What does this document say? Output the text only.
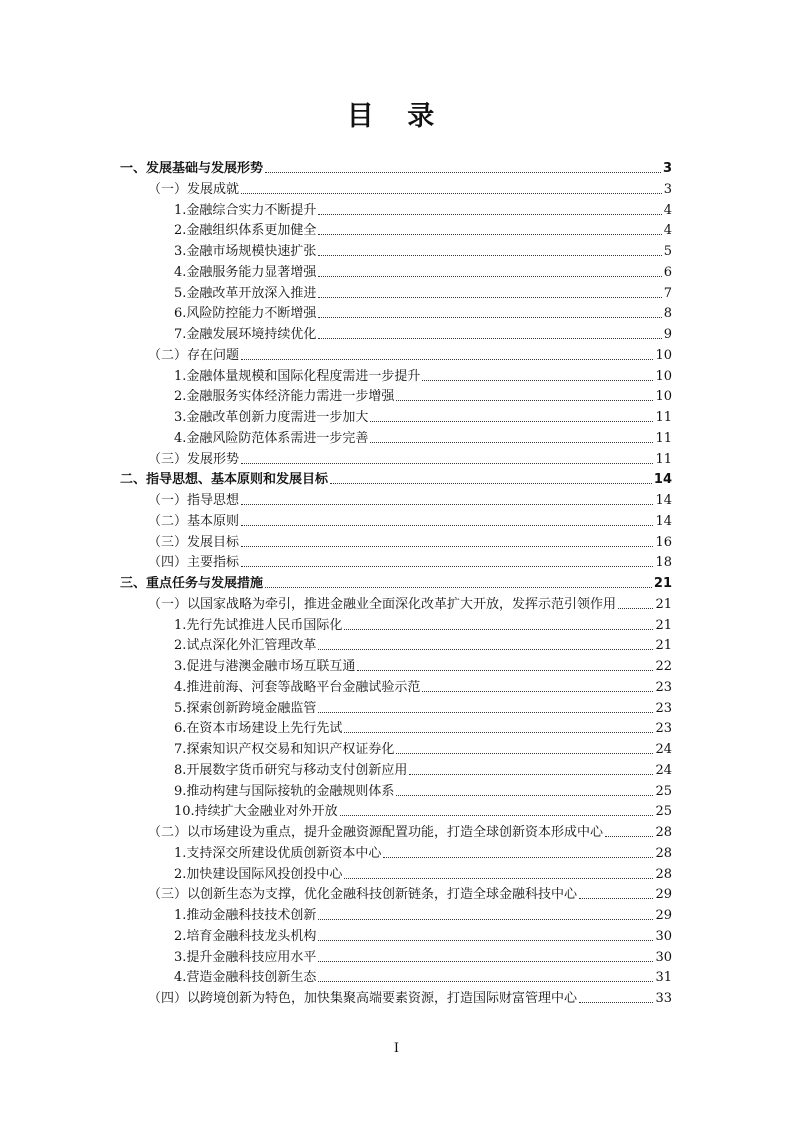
目 录
一、发展基础与发展形势	3
（一）发展成就	3
1.金融综合实力不断提升	4
2.金融组织体系更加健全	4
3.金融市场规模快速扩张	5
4.金融服务能力显著增强	6
5.金融改革开放深入推进	7
6.风险防控能力不断增强	8
7.金融发展环境持续优化	9
（二）存在问题	10
1.金融体量规模和国际化程度需进一步提升	10
2.金融服务实体经济能力需进一步增强	10
3.金融改革创新力度需进一步加大	11
4.金融风险防范体系需进一步完善	11
（三）发展形势	11
二、指导思想、基本原则和发展目标	14
（一）指导思想	14
（二）基本原则	14
（三）发展目标	16
（四）主要指标	18
三、重点任务与发展措施	21
（一）以国家战略为牵引，推进金融业全面深化改革扩大开放，发挥示范引领作用	21
1.先行先试推进人民币国际化	21
2.试点深化外汇管理改革	21
3.促进与港澳金融市场互联互通	22
4.推进前海、河套等战略平台金融试验示范	23
5.探索创新跨境金融监管	23
6.在资本市场建设上先行先试	23
7.探索知识产权交易和知识产权证券化	24
8.开展数字货币研究与移动支付创新应用	24
9.推动构建与国际接轨的金融规则体系	25
10.持续扩大金融业对外开放	25
（二）以市场建设为重点，提升金融资源配置功能，打造全球创新资本形成中心	28
1.支持深交所建设优质创新资本中心	28
2.加快建设国际风投创投中心	28
（三）以创新生态为支撑，优化金融科技创新链条，打造全球金融科技中心	29
1.推动金融科技技术创新	29
2.培育金融科技龙头机构	30
3.提升金融科技应用水平	30
4.营造金融科技创新生态	31
（四）以跨境创新为特色，加快集聚高端要素资源，打造国际财富管理中心	33
I
